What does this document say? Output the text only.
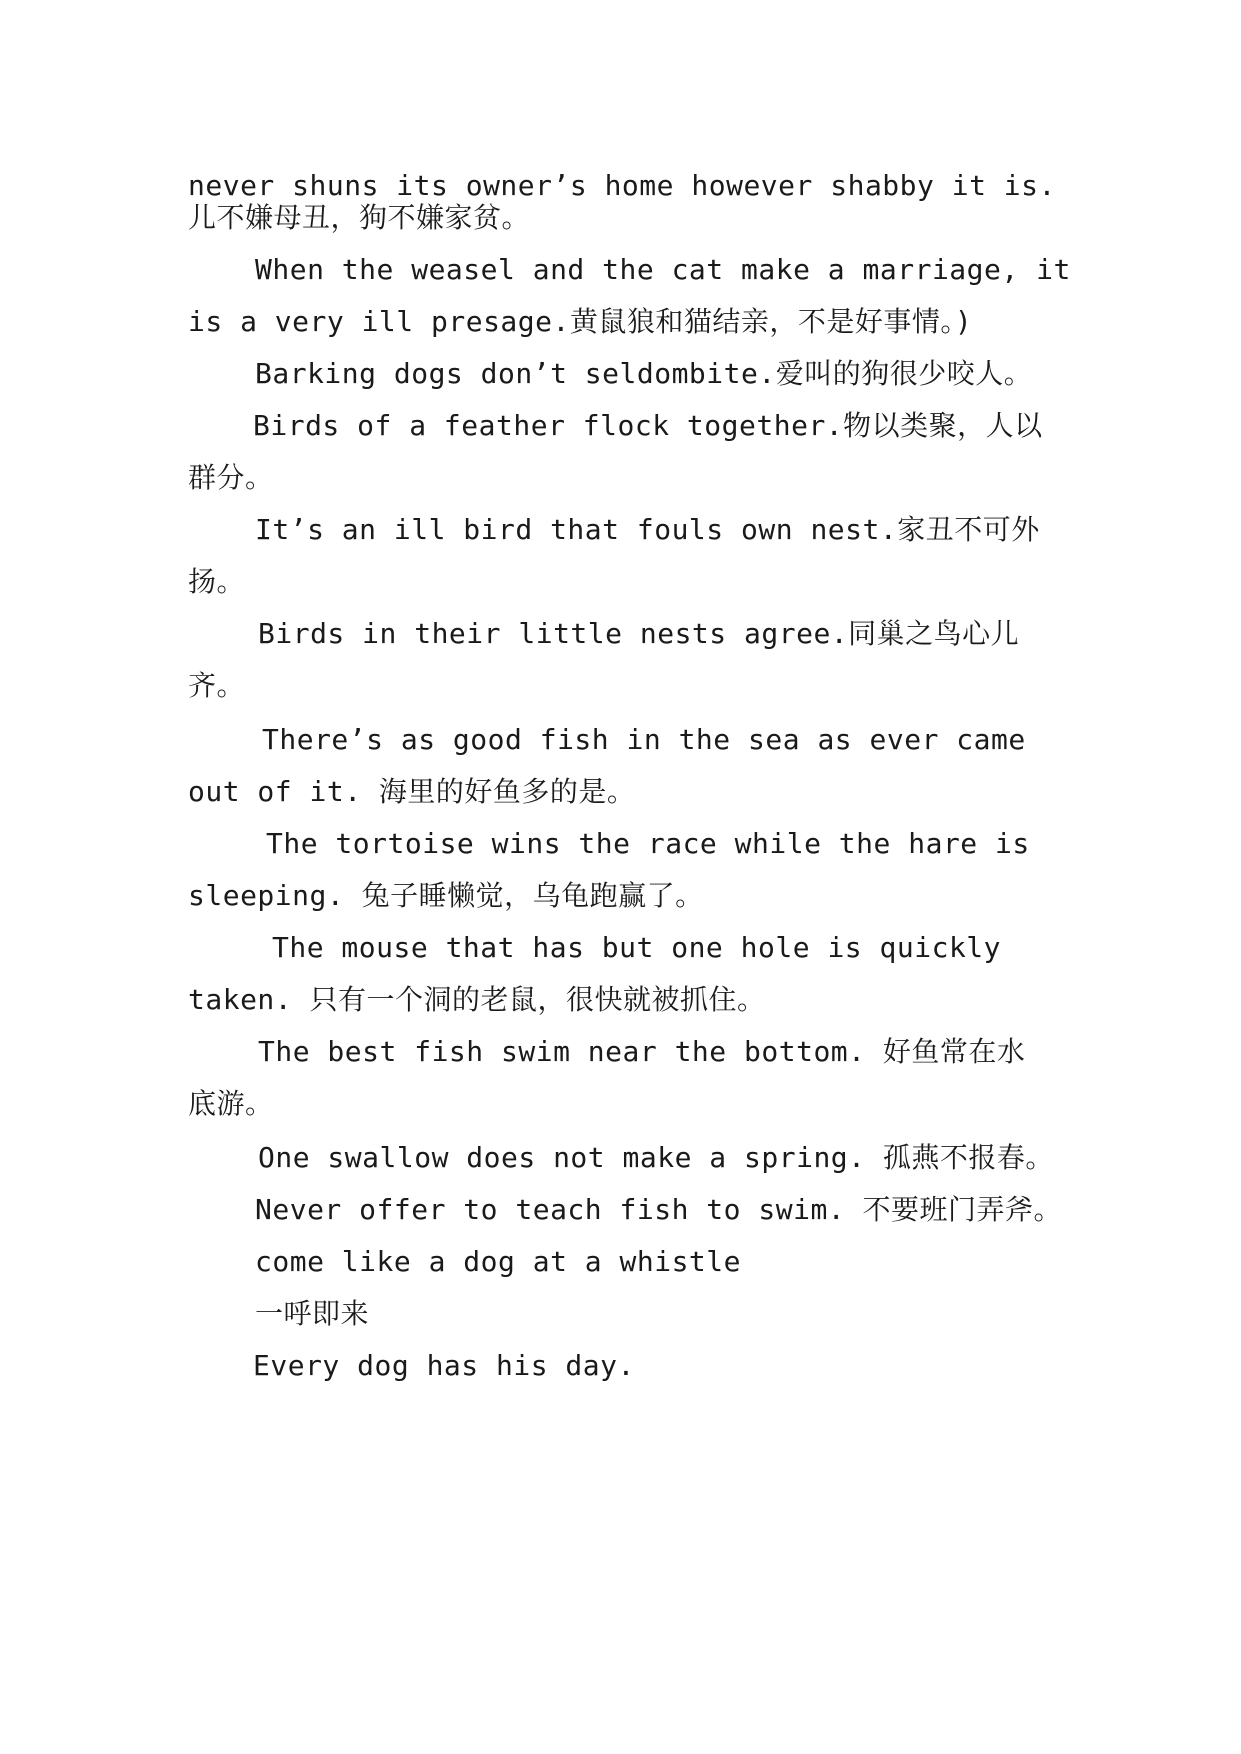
never shuns its owner’s home however shabby it is.
儿不嫌母丑，狗不嫌家贫。
When the weasel and the cat make a marriage, it
is a very ill presage.黄鼠狼和猫结亲，不是好事情。)
Barking dogs don’t seldombite.爱叫的狗很少咬人。
Birds of a feather flock together.物以类聚，人以
群分。
It’s an ill bird that fouls own nest.家丑不可外
扬。
Birds in their little nests agree.同巢之鸟心儿
齐。
There’s as good fish in the sea as ever came
out of it. 海里的好鱼多的是。
The tortoise wins the race while the hare is
sleeping. 兔子睡懒觉，乌龟跑赢了。
The mouse that has but one hole is quickly
taken. 只有一个洞的老鼠，很快就被抓住。
The best fish swim near the bottom. 好鱼常在水
底游。
One swallow does not make a spring. 孤燕不报春。
Never offer to teach fish to swim. 不要班门弄斧。
come like a dog at a whistle
一呼即来
Every dog has his day.
